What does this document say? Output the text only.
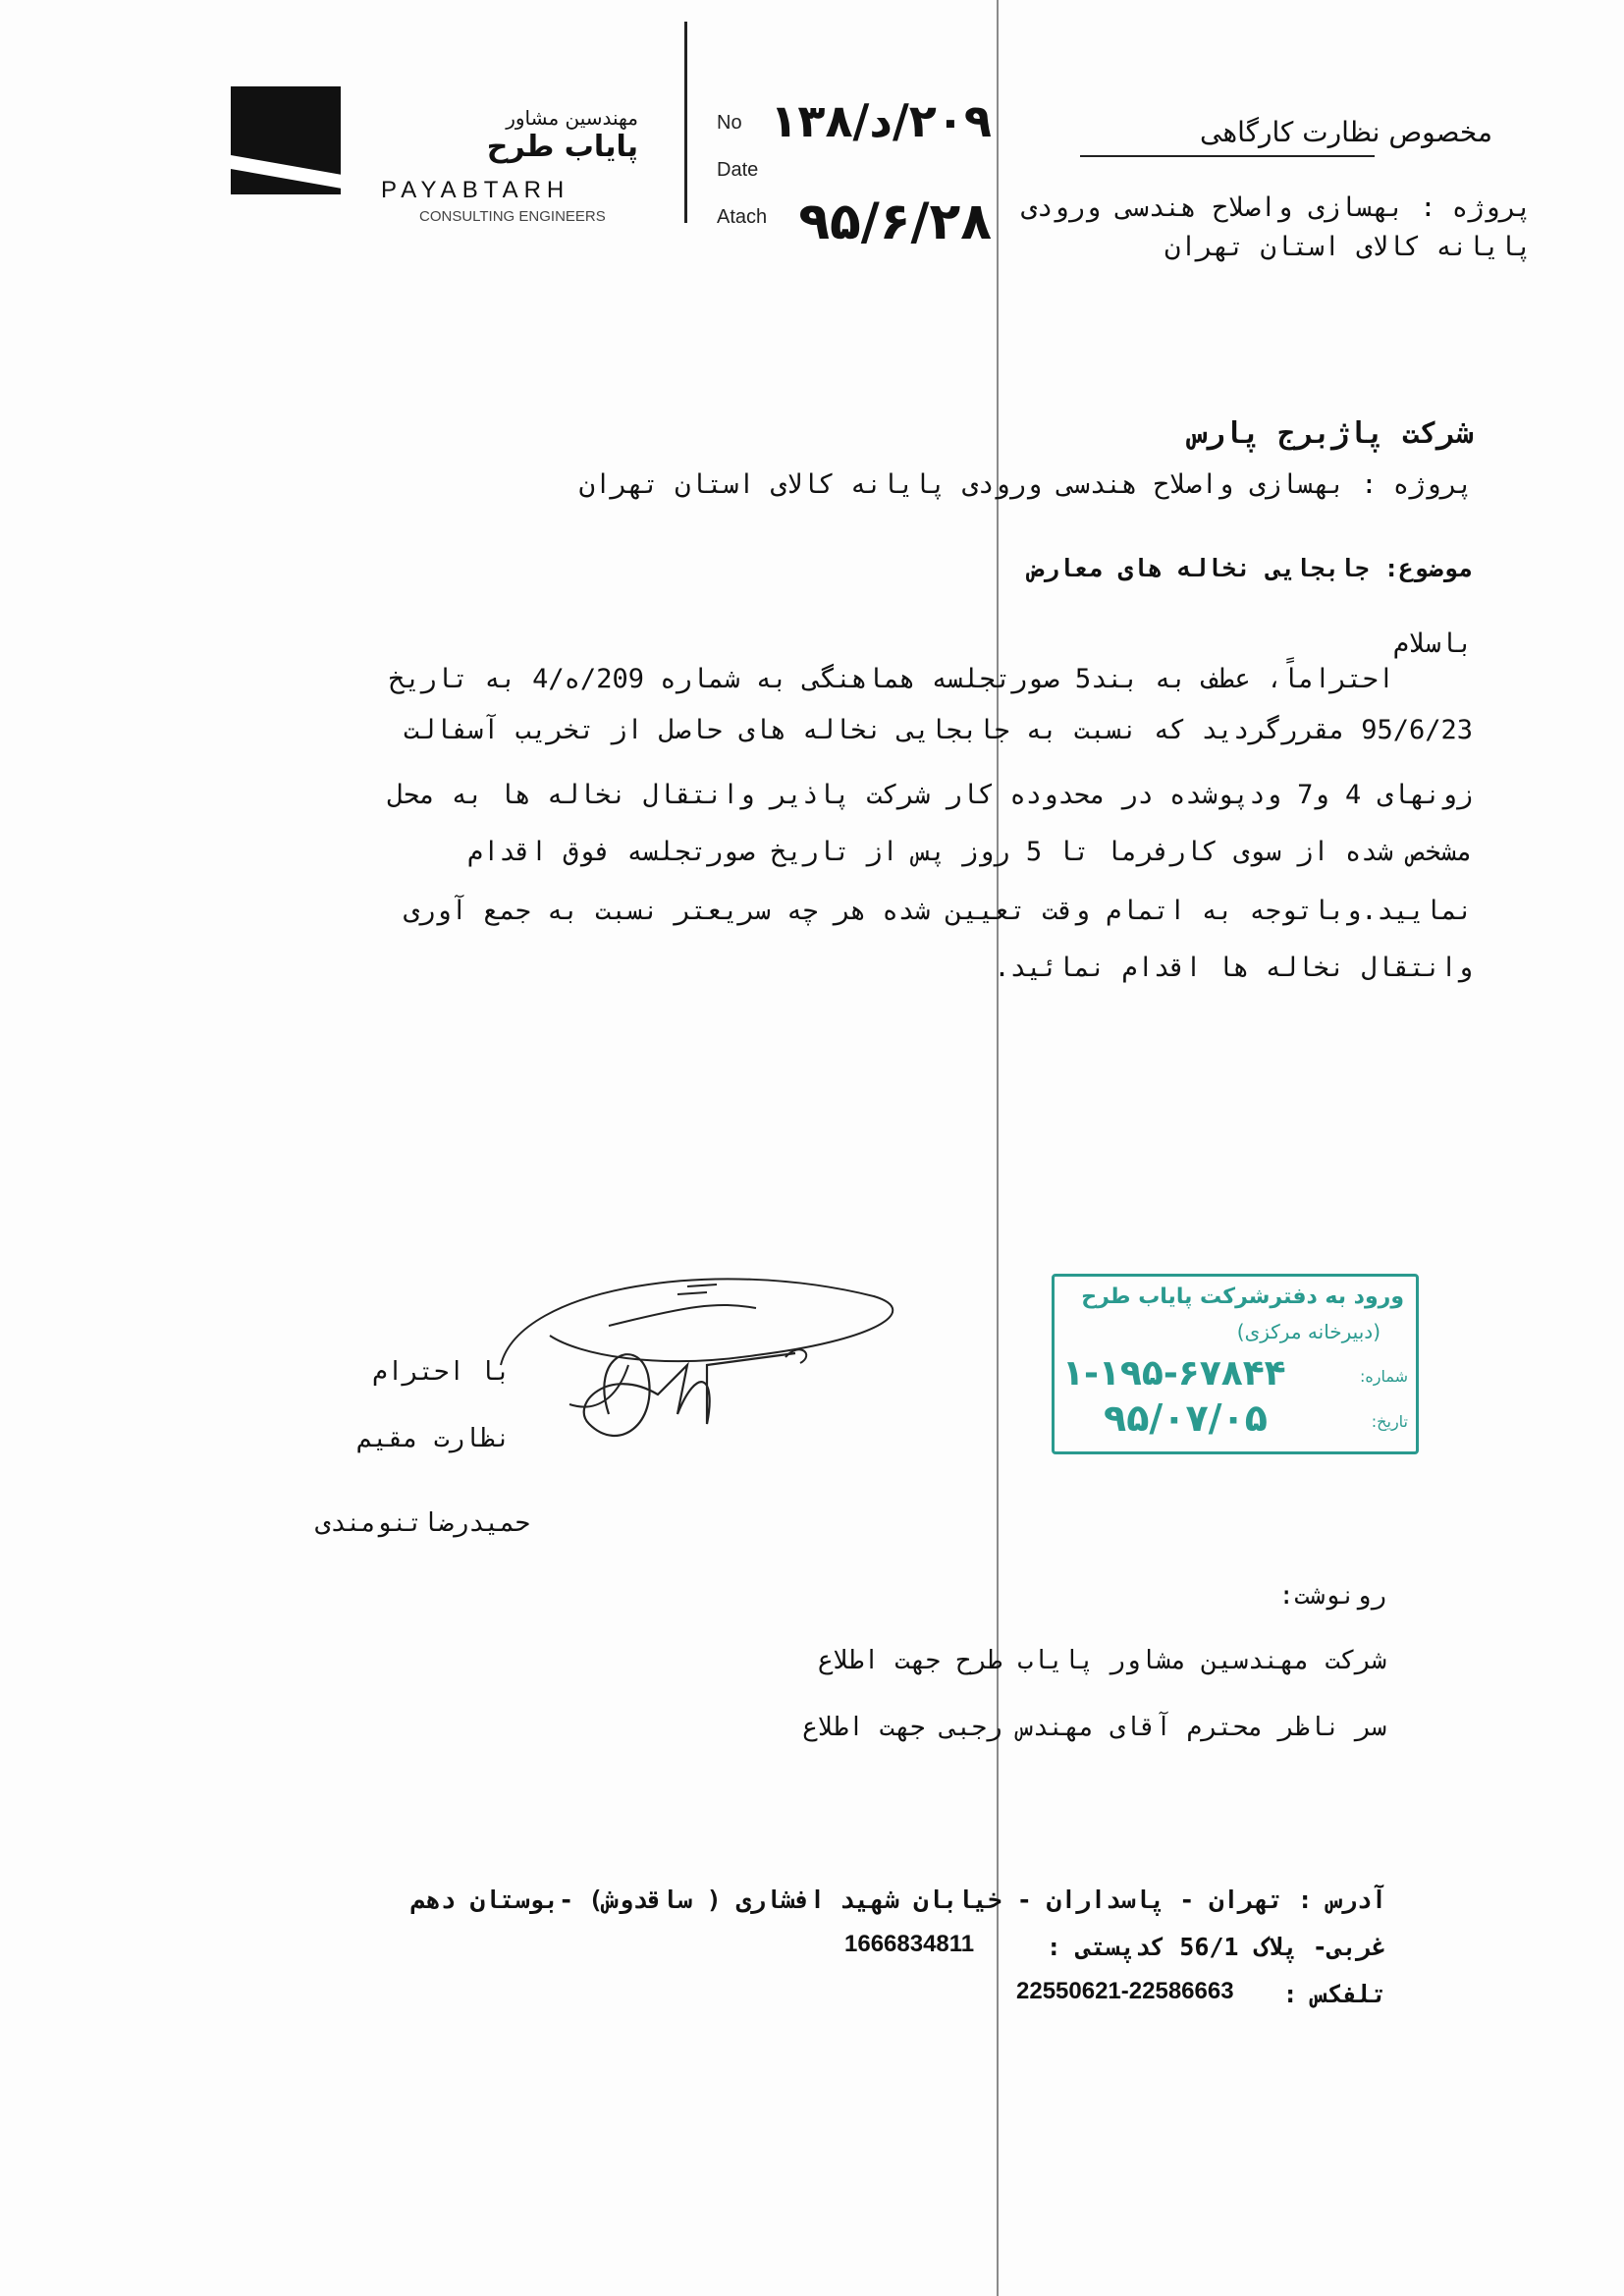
مهندسین مشاور
پایاب طرح
PAYABTARH
CONSULTING ENGINEERS
No
Date
Atach
۲۰۹/د/۱۳۸
۹۵/۶/۲۸
مخصوص نظارت کارگاهی
پروژه : بهسازی واصلاح هندسی ورودی
پایانه کالای استان تهران
شرکت پاژبرج پارس
پروژه : بهسازی واصلاح هندسی ورودی پایانه کالای استان تهران
موضوع: جابجایی نخاله های معارض
باسلام
احتراماً، عطف به بند5 صورتجلسه هماهنگی به شماره 209/ه/4 به تاریخ
95/6/23 مقررگردید که نسبت به جابجایی نخاله های حاصل از تخریب آسفالت
زونهای 4 و7 ودپوشده در محدوده کار شرکت پاذیر وانتقال نخاله ها به محل
مشخص شده از سوی کارفرما تا 5 روز پس از تاریخ صورتجلسه فوق اقدام
نمایید.وباتوجه به اتمام وقت تعیین شده هر چه سریعتر نسبت به جمع آوری
وانتقال نخاله ها اقدام نمائید.
با احترام
نظارت مقیم
حمیدرضاتنومندی
ورود به دفترشرکت پایاب طرح
(دبیرخانه مرکزی)
شماره:
۱-۱۹۵-۶۷۸۴۴
تاریخ:
۹۵/۰۷/۰۵
رونوشت:
شرکت مهندسین مشاور پایاب طرح جهت اطلاع
سر ناظر محترم آقای مهندس رجبی جهت اطلاع
آدرس : تهران - پاسداران - خیابان شهید افشاری ( ساقدوش) -بوستان دهم
غربی- پلاک 56/1 کدپستی :
1666834811
تلفکس :
22550621-22586663
